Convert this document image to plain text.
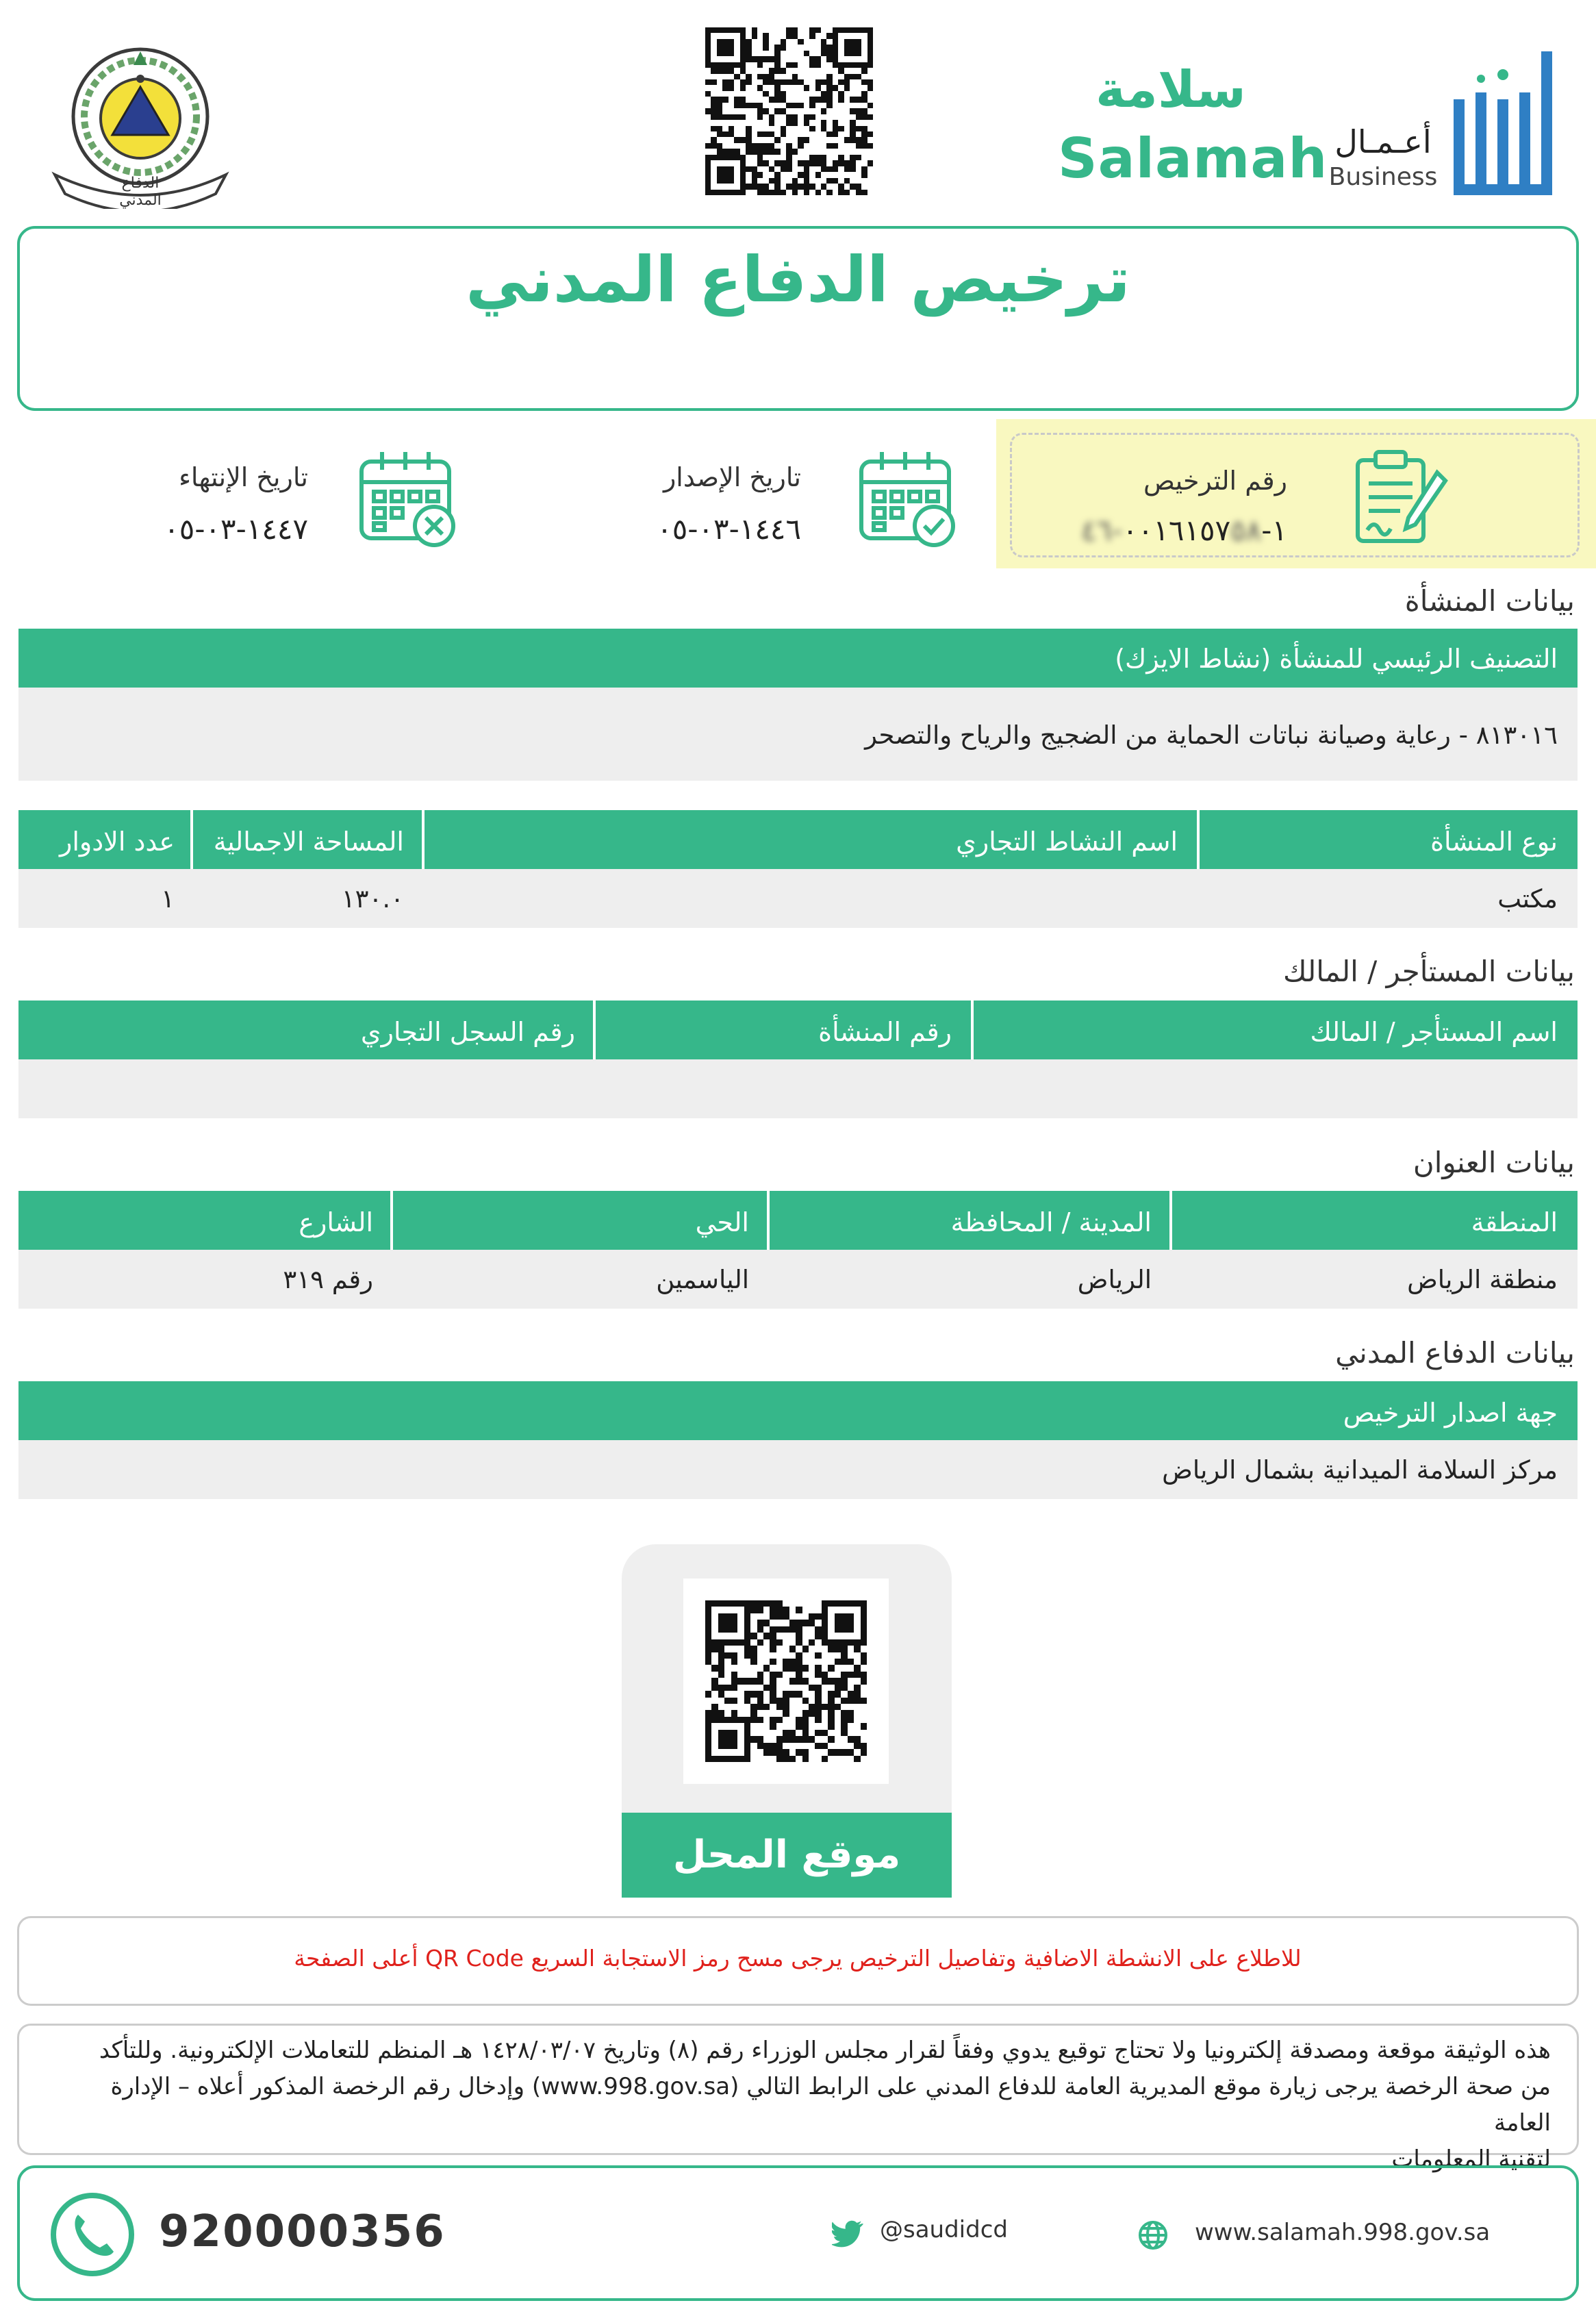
الدفاع المدني
سلامة
Salamah أعـمـال
Business
ترخيص الدفاع المدني
تاريخ الإنتهاء
١٤٤٧-٠٣-٠٥
تاريخ الإصدار
١٤٤٦-٠٣-٠٥
رقم الترخيص
١-٠٠١٦١٥٧٥٨-٤٦
بيانات المنشأة
التصنيف الرئيسي للمنشأة (نشاط الايزك)
٨١٣٠١٦ - رعاية وصيانة نباتات الحماية من الضجيج والرياح والتصحر
نوع المنشأة
اسم النشاط التجاري
المساحة الاجمالية
عدد الادوار
مكتب
١٣٠.٠
١
بيانات المستأجر / المالك
اسم المستأجر / المالك
رقم المنشأة
رقم السجل التجاري
بيانات العنوان
المنطقة
المدينة / المحافظة
الحي
الشارع
منطقة الرياض
الرياض
الياسمين
رقم ٣١٩
بيانات الدفاع المدني
جهة اصدار الترخيص
مركز السلامة الميدانية بشمال الرياض
موقع المحل
للاطلاع على الانشطة الاضافية وتفاصيل الترخيص يرجى مسح رمز الاستجابة السريع QR Code أعلى الصفحة
هذه الوثيقة موقعة ومصدقة إلكترونيا ولا تحتاج توقيع يدوي وفقاً لقرار مجلس الوزراء رقم (٨) وتاريخ ١٤٢٨/٠٣/٠٧ هـ المنظم للتعاملات الإلكترونية. وللتأكد
من صحة الرخصة يرجى زيارة موقع المديرية العامة للدفاع المدني على الرابط التالي (www.998.gov.sa) وإدخال رقم الرخصة المذكور أعلاه – الإدارة العامة
لتقنية المعلومات
920000356	@saudidcd	www.salamah.998.gov.sa
